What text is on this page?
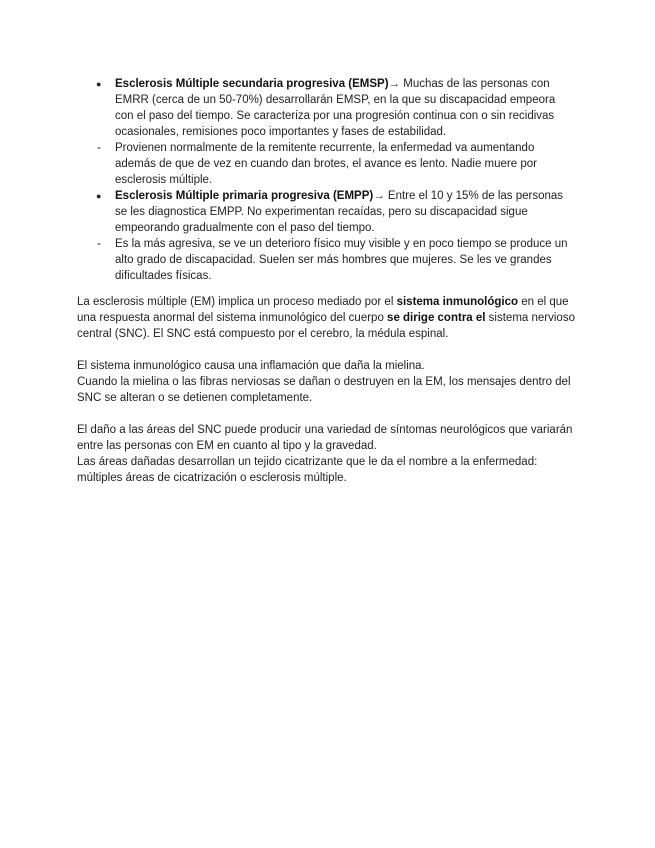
●	Esclerosis Múltiple secundaria progresiva (EMSP)→ Muchas de las personas con EMRR (cerca de un 50-70%) desarrollarán EMSP, en la que su discapacidad empeora con el paso del tiempo. Se caracteriza por una progresión continua con o sin recidivas ocasionales, remisiones poco importantes y fases de estabilidad.

-	Provienen normalmente de la remitente recurrente, la enfermedad va aumentando además de que de vez en cuando dan brotes, el avance es lento. Nadie muere por esclerosis múltiple.

●	Esclerosis Múltiple primaria progresiva (EMPP)→ Entre el 10 y 15% de las personas se les diagnostica EMPP. No experimentan recaídas, pero su discapacidad sigue empeorando gradualmente con el paso del tiempo.

-	Es la más agresiva, se ve un deterioro físico muy visible y en poco tiempo se produce un alto grado de discapacidad. Suelen ser más hombres que mujeres. Se les ve grandes dificultades físicas.

La esclerosis múltiple (EM) implica un proceso mediado por el sistema inmunológico en el que una respuesta anormal del sistema inmunológico del cuerpo se dirige contra el sistema nervioso central (SNC). El SNC está compuesto por el cerebro, la médula espinal.

El sistema inmunológico causa una inflamación que daña la mielina.

Cuando la mielina o las fibras nerviosas se dañan o destruyen en la EM, los mensajes dentro del SNC se alteran o se detienen completamente.

El daño a las áreas del SNC puede producir una variedad de síntomas neurológicos que variarán entre las personas con EM en cuanto al tipo y la gravedad.

Las áreas dañadas desarrollan un tejido cicatrizante que le da el nombre a la enfermedad: múltiples áreas de cicatrización o esclerosis múltiple.
